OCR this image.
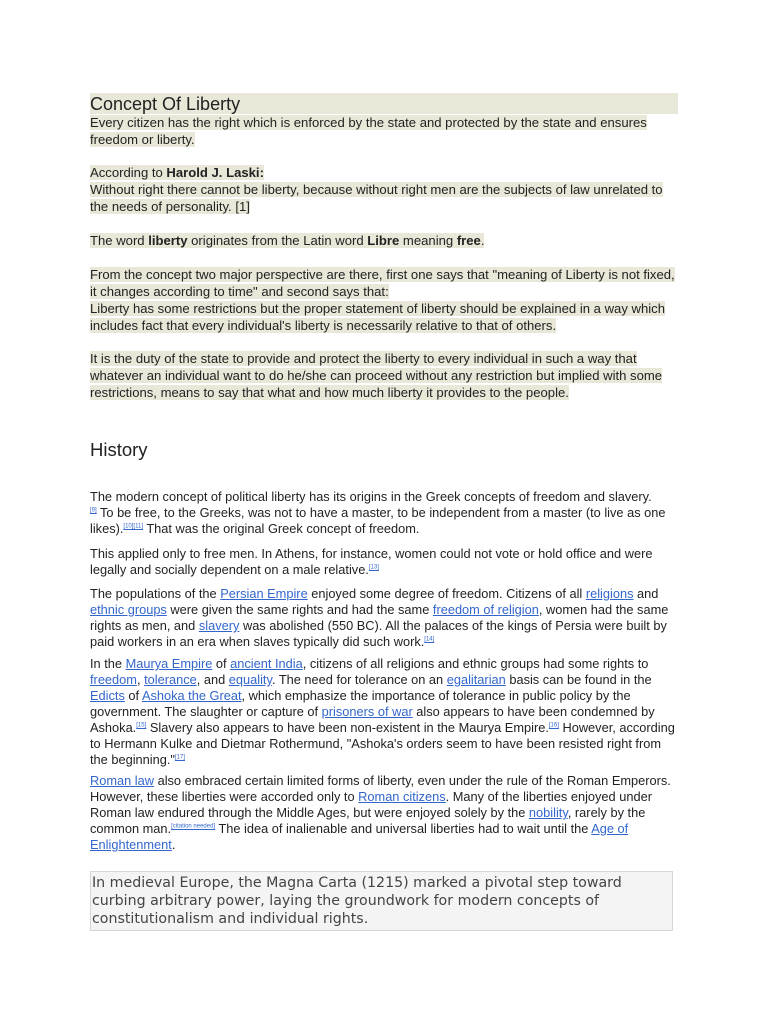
Concept Of Liberty
Every citizen has the right which is enforced by the state and protected by the state and ensures freedom or liberty.
According to Harold J. Laski:
Without right there cannot be liberty, because without right men are the subjects of law unrelated to the needs of personality. [1]
The word liberty originates from the Latin word Libre meaning free.
From the concept two major perspective are there, first one says that "meaning of Liberty is not fixed, it changes according to time" and second says that:
Liberty has some restrictions but the proper statement of liberty should be explained in a way which includes fact that every individual's liberty is necessarily relative to that of others.
It is the duty of the state to provide and protect the liberty to every individual in such a way that whatever an individual want to do he/she can proceed without any restriction but implied with some restrictions, means to say that what and how much liberty it provides to the people.
History
The modern concept of political liberty has its origins in the Greek concepts of freedom and slavery.
[9] To be free, to the Greeks, was not to have a master, to be independent from a master (to live as one likes).[10][11] That was the original Greek concept of freedom.
This applied only to free men. In Athens, for instance, women could not vote or hold office and were legally and socially dependent on a male relative.[13]
The populations of the Persian Empire enjoyed some degree of freedom. Citizens of all religions and ethnic groups were given the same rights and had the same freedom of religion, women had the same rights as men, and slavery was abolished (550 BC). All the palaces of the kings of Persia were built by paid workers in an era when slaves typically did such work.[14]
In the Maurya Empire of ancient India, citizens of all religions and ethnic groups had some rights to freedom, tolerance, and equality. The need for tolerance on an egalitarian basis can be found in the Edicts of Ashoka the Great, which emphasize the importance of tolerance in public policy by the government. The slaughter or capture of prisoners of war also appears to have been condemned by Ashoka.[15] Slavery also appears to have been non-existent in the Maurya Empire.[16] However, according to Hermann Kulke and Dietmar Rothermund, "Ashoka's orders seem to have been resisted right from the beginning."[17]
Roman law also embraced certain limited forms of liberty, even under the rule of the Roman Emperors. However, these liberties were accorded only to Roman citizens. Many of the liberties enjoyed under Roman law endured through the Middle Ages, but were enjoyed solely by the nobility, rarely by the common man.[citation needed] The idea of inalienable and universal liberties had to wait until the Age of Enlightenment.
In medieval Europe, the Magna Carta (1215) marked a pivotal step toward curbing arbitrary power, laying the groundwork for modern concepts of constitutionalism and individual rights.
